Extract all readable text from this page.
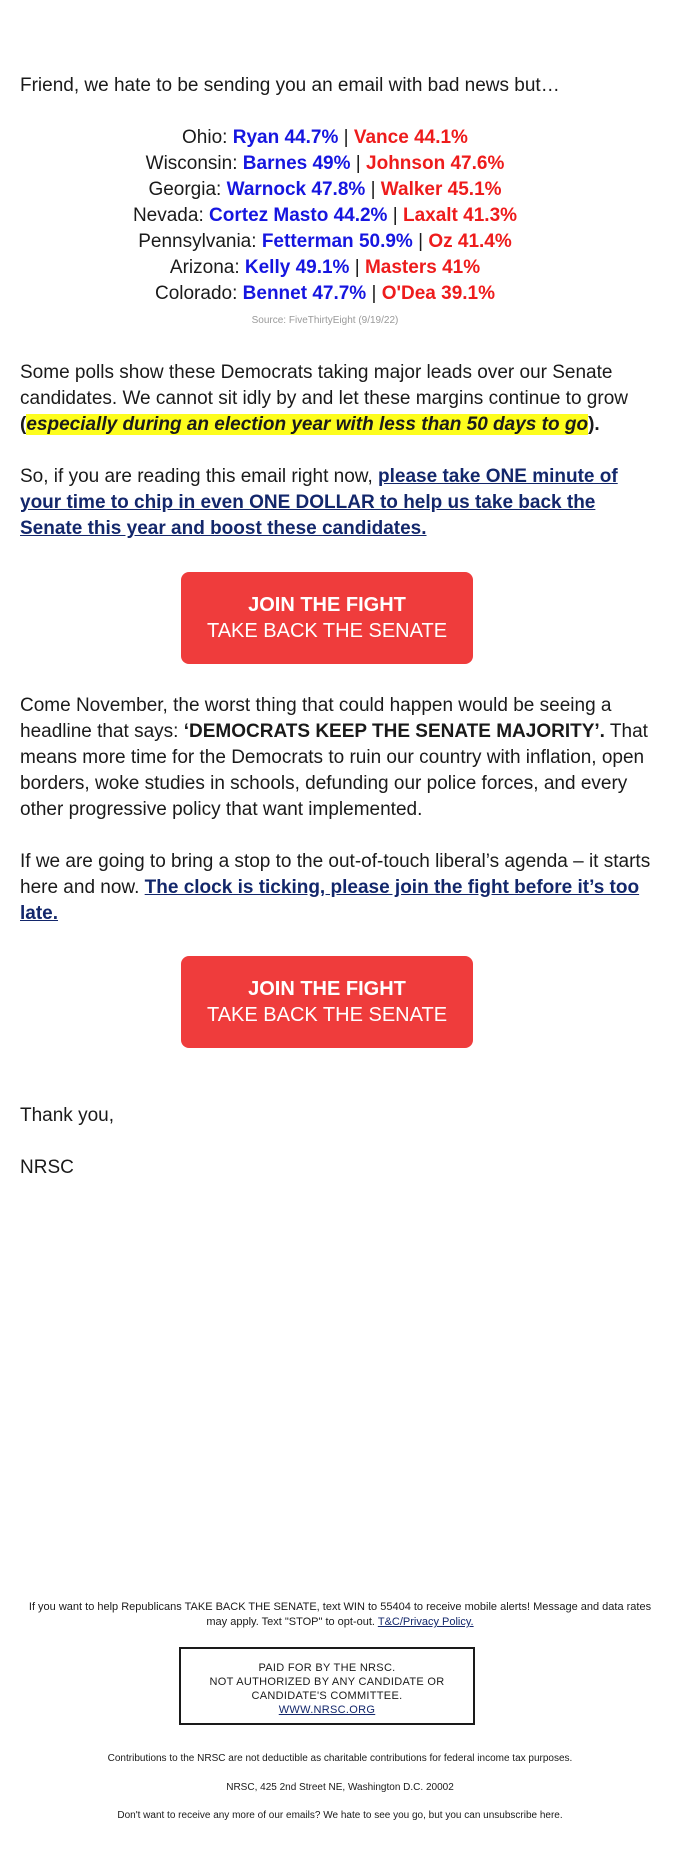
Friend, we hate to be sending you an email with bad news but…
Ohio: Ryan 44.7% | Vance 44.1%
Wisconsin: Barnes 49% | Johnson 47.6%
Georgia: Warnock 47.8% | Walker 45.1%
Nevada: Cortez Masto 44.2% | Laxalt 41.3%
Pennsylvania: Fetterman 50.9% | Oz 41.4%
Arizona: Kelly 49.1% | Masters 41%
Colorado: Bennet 47.7% | O'Dea 39.1%
Source: FiveThirtyEight (9/19/22)
Some polls show these Democrats taking major leads over our Senate candidates. We cannot sit idly by and let these margins continue to grow (especially during an election year with less than 50 days to go).
So, if you are reading this email right now, please take ONE minute of your time to chip in even ONE DOLLAR to help us take back the Senate this year and boost these candidates.
JOIN THE FIGHT
TAKE BACK THE SENATE
Come November, the worst thing that could happen would be seeing a headline that says: ‘DEMOCRATS KEEP THE SENATE MAJORITY’. That means more time for the Democrats to ruin our country with inflation, open borders, woke studies in schools, defunding our police forces, and every other progressive policy that want implemented.
If we are going to bring a stop to the out-of-touch liberal’s agenda – it starts here and now. The clock is ticking, please join the fight before it’s too late.
JOIN THE FIGHT
TAKE BACK THE SENATE
Thank you,
NRSC
If you want to help Republicans TAKE BACK THE SENATE, text WIN to 55404 to receive mobile alerts! Message and data rates may apply. Text "STOP" to opt-out. T&C/Privacy Policy.
PAID FOR BY THE NRSC.
NOT AUTHORIZED BY ANY CANDIDATE OR
CANDIDATE'S COMMITTEE.
WWW.NRSC.ORG
Contributions to the NRSC are not deductible as charitable contributions for federal income tax purposes.
NRSC, 425 2nd Street NE, Washington D.C. 20002
Don't want to receive any more of our emails? We hate to see you go, but you can unsubscribe here.
